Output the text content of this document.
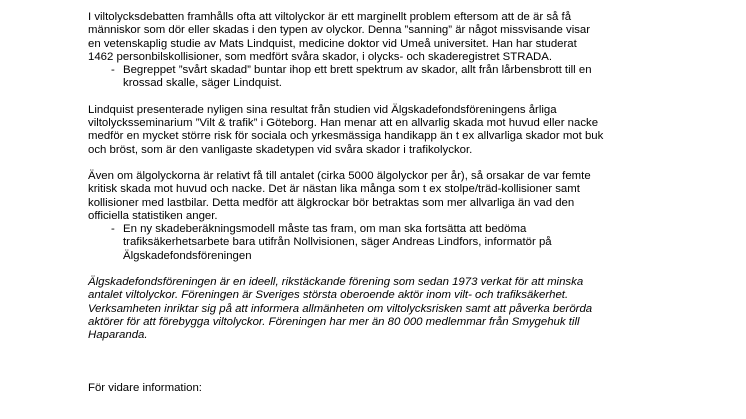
I viltolycksdebatten framhålls ofta att viltolyckor är ett marginellt problem eftersom att de är så få
människor som dör eller skadas i den typen av olyckor. Denna ”sanning” är något missvisande visar
en vetenskaplig studie av Mats Lindquist, medicine doktor vid Umeå universitet. Han har studerat
1462 personbilskollisioner, som medfört svåra skador, i olycks- och skaderegistret STRADA.
- Begreppet ”svårt skadad” buntar ihop ett brett spektrum av skador, allt från lårbensbrott till en
krossad skalle, säger Lindquist.
Lindquist presenterade nyligen sina resultat från studien vid Älgskadefondsföreningens årliga
viltolycksseminarium ”Vilt & trafik” i Göteborg. Han menar att en allvarlig skada mot huvud eller nacke
medför en mycket större risk för sociala och yrkesmässiga handikapp än t ex allvarliga skador mot buk
och bröst, som är den vanligaste skadetypen vid svåra skador i trafikolyckor.
Även om älgolyckorna är relativt få till antalet (cirka 5000 älgolyckor per år), så orsakar de var femte
kritisk skada mot huvud och nacke. Det är nästan lika många som t ex stolpe/träd-kollisioner samt
kollisioner med lastbilar. Detta medför att älgkrockar bör betraktas som mer allvarliga än vad den
officiella statistiken anger.
- En ny skadeberäkningsmodell måste tas fram, om man ska fortsätta att bedöma
trafiksäkerhetsarbete bara utifrån Nollvisionen, säger Andreas Lindfors, informatör på
Älgskadefondsföreningen
Älgskadefondsföreningen är en ideell, rikstäckande förening som sedan 1973 verkat för att minska
antalet viltolyckor. Föreningen är Sveriges största oberoende aktör inom vilt- och trafiksäkerhet.
Verksamheten inriktar sig på att informera allmänheten om viltolycksrisken samt att påverka berörda
aktörer för att förebygga viltolyckor. Föreningen har mer än 80 000 medlemmar från Smygehuk till
Haparanda.
För vidare information:
